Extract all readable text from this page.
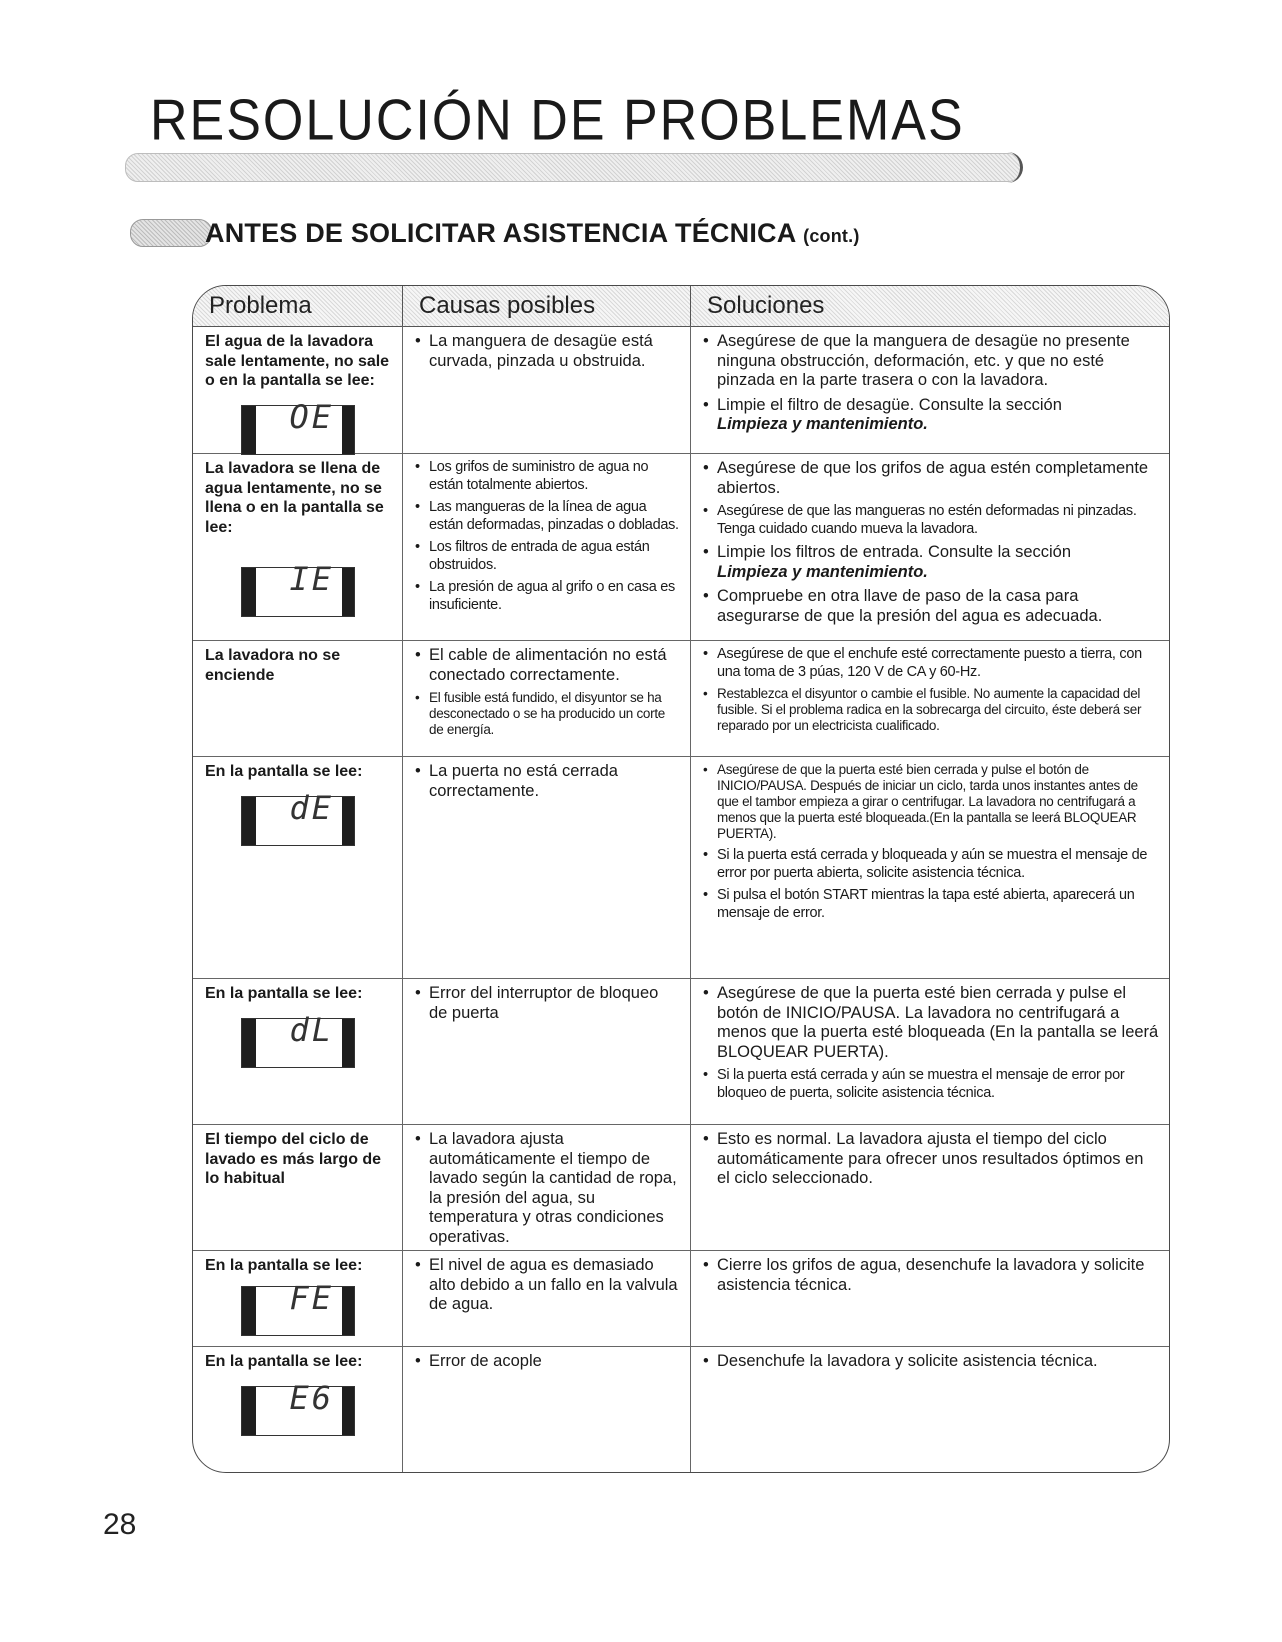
RESOLUCIÓN DE PROBLEMAS
ANTES DE SOLICITAR ASISTENCIA TÉCNICA (cont.)
Problema	Causas posibles	Soluciones
El agua de la lavadora sale lentamente, no sale o en la pantalla se lee:
OE
• La manguera de desagüe está curvada, pinzada u obstruida.
• Asegúrese de que la manguera de desagüe no presente ninguna obstrucción, deformación, etc. y que no esté pinzada en la parte trasera o con la lavadora.
• Limpie el filtro de desagüe. Consulte la sección
Limpieza y mantenimiento.
La lavadora se llena de agua lentamente, no se llena o en la pantalla se lee:
IE
• Los grifos de suministro de agua no están totalmente abiertos.
• Las mangueras de la línea de agua están deformadas, pinzadas o dobladas.
• Los filtros de entrada de agua están obstruidos.
• La presión de agua al grifo o en casa es insuficiente.
• Asegúrese de que los grifos de agua estén completamente abiertos.
• Asegúrese de que las mangueras no estén deformadas ni pinzadas. Tenga cuidado cuando mueva la lavadora.
• Limpie los filtros de entrada. Consulte la sección
Limpieza y mantenimiento.
• Compruebe en otra llave de paso de la casa para asegurarse de que la presión del agua es adecuada.
La lavadora no se enciende
• El cable de alimentación no está conectado correctamente.
• El fusible está fundido, el disyuntor se ha desconectado o se ha producido un corte de energía.
• Asegúrese de que el enchufe esté correctamente puesto a tierra, con una toma de 3 púas, 120 V de CA y 60-Hz.
• Restablezca el disyuntor o cambie el fusible. No aumente la capacidad del fusible. Si el problema radica en la sobrecarga del circuito, éste deberá ser reparado por un electricista cualificado.
En la pantalla se lee:
dE
• La puerta no está cerrada correctamente.
• Asegúrese de que la puerta esté bien cerrada y pulse el botón de INICIO/PAUSA. Después de iniciar un ciclo, tarda unos instantes antes de que el tambor empieza a girar o centrifugar. La lavadora no centrifugará a menos que la puerta esté bloqueada.(En la pantalla se leerá BLOQUEAR PUERTA).
• Si la puerta está cerrada y bloqueada y aún se muestra el mensaje de error por puerta abierta, solicite asistencia técnica.
• Si pulsa el botón START mientras la tapa esté abierta, aparecerá un mensaje de error.
En la pantalla se lee:
dL
• Error del interruptor de bloqueo de puerta
• Asegúrese de que la puerta esté bien cerrada y pulse el botón de INICIO/PAUSA. La lavadora no centrifugará a menos que la puerta esté bloqueada (En la pantalla se leerá BLOQUEAR PUERTA).
• Si la puerta está cerrada y aún se muestra el mensaje de error por bloqueo de puerta, solicite asistencia técnica.
El tiempo del ciclo de lavado es más largo de lo habitual
• La lavadora ajusta automáticamente el tiempo de lavado según la cantidad de ropa, la presión del agua, su temperatura y otras condiciones operativas.
• Esto es normal. La lavadora ajusta el tiempo del ciclo automáticamente para ofrecer unos resultados óptimos en el ciclo seleccionado.
En la pantalla se lee:
FE
• El nivel de agua es demasiado alto debido a un fallo en la valvula de agua.
• Cierre los grifos de agua, desenchufe la lavadora y solicite asistencia técnica.
En la pantalla se lee:
E6
• Error de acople
•	Desenchufe la lavadora y solicite asistencia técnica.

28
